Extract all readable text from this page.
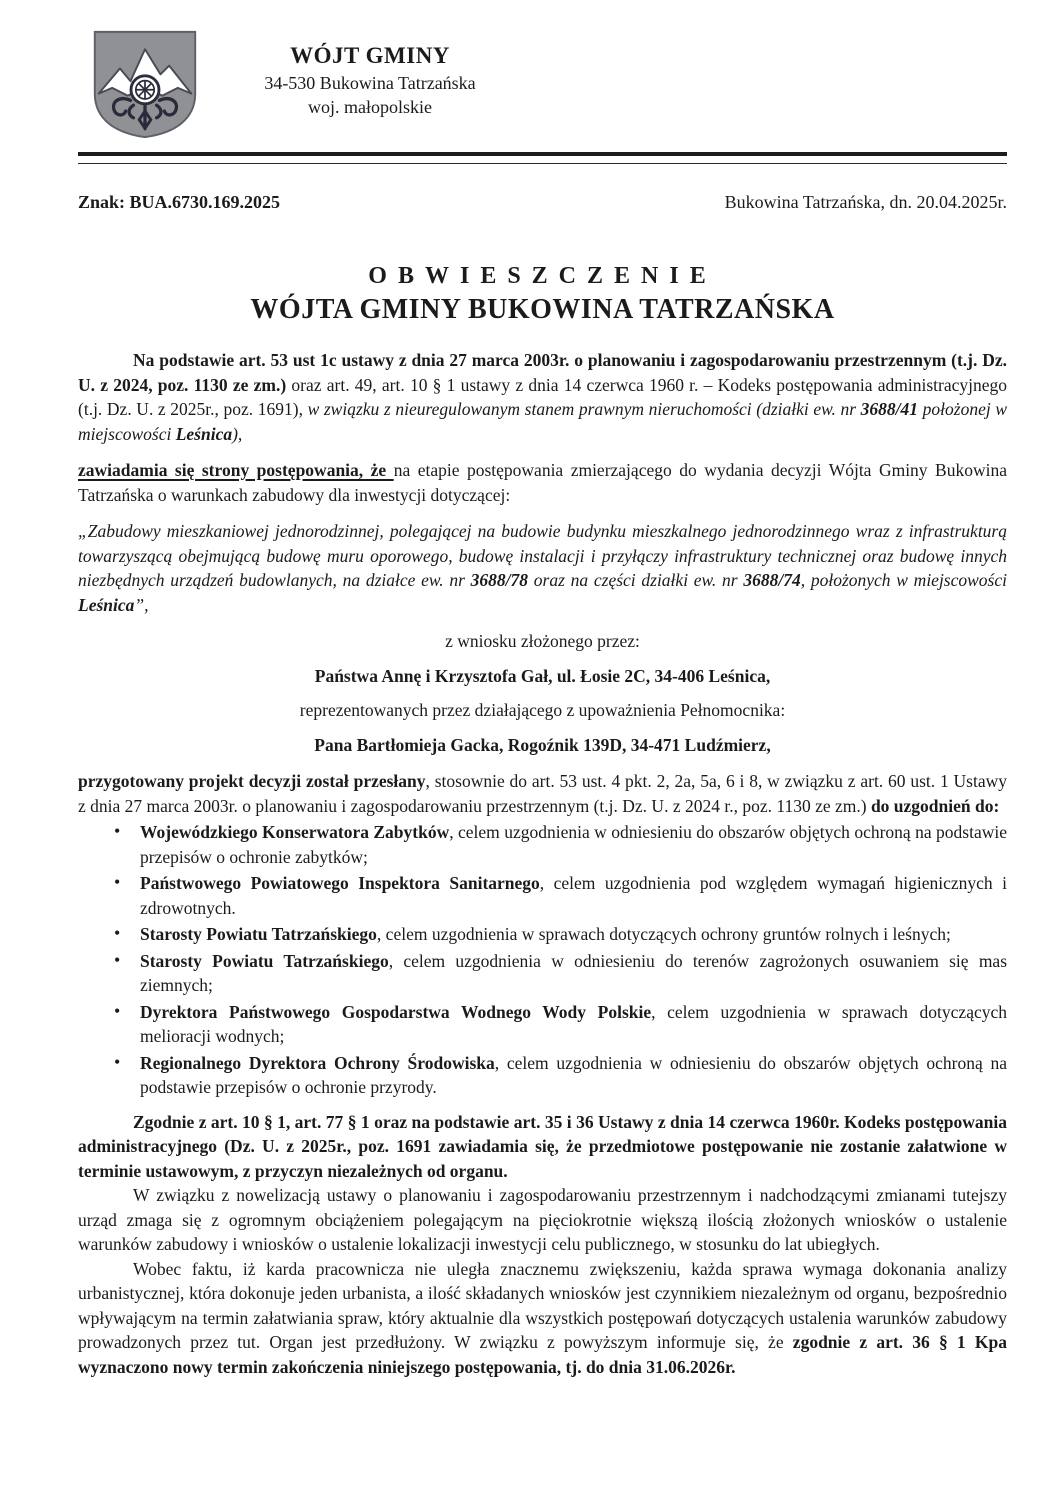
WÓJT GMINY
34-530 Bukowina Tatrzańska
woj. małopolskie
Znak: BUA.6730.169.2025	Bukowina Tatrzańska, dn. 20.04.2025r.
OBWIESZCZENIE
WÓJTA GMINY BUKOWINA TATRZAŃSKA

Na podstawie art. 53 ust 1c ustawy z dnia 27 marca 2003r. o planowaniu i zagospodarowaniu przestrzennym (t.j. Dz. U. z 2024, poz. 1130 ze zm.) oraz art. 49, art. 10 § 1 ustawy z dnia 14 czerwca 1960 r. – Kodeks postępowania administracyjnego (t.j. Dz. U. z 2025r., poz. 1691), w związku z nieuregulowanym stanem prawnym nieruchomości (działki ew. nr 3688/41 położonej w miejscowości Leśnica),

zawiadamia się strony postępowania, że na etapie postępowania zmierzającego do wydania decyzji Wójta Gminy Bukowina Tatrzańska o warunkach zabudowy dla inwestycji dotyczącej:

„Zabudowy mieszkaniowej jednorodzinnej, polegającej na budowie budynku mieszkalnego jednorodzinnego wraz z infrastrukturą towarzyszącą obejmującą budowę muru oporowego, budowę instalacji i przyłączy infrastruktury technicznej oraz budowę innych niezbędnych urządzeń budowlanych, na działce ew. nr 3688/78 oraz na części działki ew. nr 3688/74, położonych w miejscowości Leśnica”,

z wniosku złożonego przez:
Państwa Annę i Krzysztofa Gał, ul. Łosie 2C, 34-406 Leśnica,
reprezentowanych przez działającego z upoważnienia Pełnomocnika:
Pana Bartłomieja Gacka, Rogoźnik 139D, 34-471 Ludźmierz,

przygotowany projekt decyzji został przesłany, stosownie do art. 53 ust. 4 pkt. 2, 2a, 5a, 6 i 8, w związku z art. 60 ust. 1 Ustawy z dnia 27 marca 2003r. o planowaniu i zagospodarowaniu przestrzennym (t.j. Dz. U. z 2024 r., poz. 1130 ze zm.) do uzgodnień do:

• Wojewódzkiego Konserwatora Zabytków, celem uzgodnienia w odniesieniu do obszarów objętych ochroną na podstawie przepisów o ochronie zabytków;
• Państwowego Powiatowego Inspektora Sanitarnego, celem uzgodnienia pod względem wymagań higienicznych i zdrowotnych.
• Starosty Powiatu Tatrzańskiego, celem uzgodnienia w sprawach dotyczących ochrony gruntów rolnych i leśnych;
• Starosty Powiatu Tatrzańskiego, celem uzgodnienia w odniesieniu do terenów zagrożonych osuwaniem się mas ziemnych;
• Dyrektora Państwowego Gospodarstwa Wodnego Wody Polskie, celem uzgodnienia w sprawach dotyczących melioracji wodnych;
• Regionalnego Dyrektora Ochrony Środowiska, celem uzgodnienia w odniesieniu do obszarów objętych ochroną na podstawie przepisów o ochronie przyrody.

Zgodnie z art. 10 § 1, art. 77 § 1 oraz na podstawie art. 35 i 36 Ustawy z dnia 14 czerwca 1960r. Kodeks postępowania administracyjnego (Dz. U. z 2025r., poz. 1691 zawiadamia się, że przedmiotowe postępowanie nie zostanie załatwione w terminie ustawowym, z przyczyn niezależnych od organu.

W związku z nowelizacją ustawy o planowaniu i zagospodarowaniu przestrzennym i nadchodzącymi zmianami tutejszy urząd zmaga się z ogromnym obciążeniem polegającym na pięciokrotnie większą ilością złożonych wniosków o ustalenie warunków zabudowy i wniosków o ustalenie lokalizacji inwestycji celu publicznego, w stosunku do lat ubiegłych.

Wobec faktu, iż karda pracownicza nie uległa znacznemu zwiększeniu, każda sprawa wymaga dokonania analizy urbanistycznej, która dokonuje jeden urbanista, a ilość składanych wniosków jest czynnikiem niezależnym od organu, bezpośrednio wpływającym na termin załatwiania spraw, który aktualnie dla wszystkich postępowań dotyczących ustalenia warunków zabudowy prowadzonych przez tut. Organ jest przedłużony. W związku z powyższym informuje się, że zgodnie z art. 36 § 1 Kpa wyznaczono nowy termin zakończenia niniejszego postępowania, tj. do dnia 31.06.2026r.
